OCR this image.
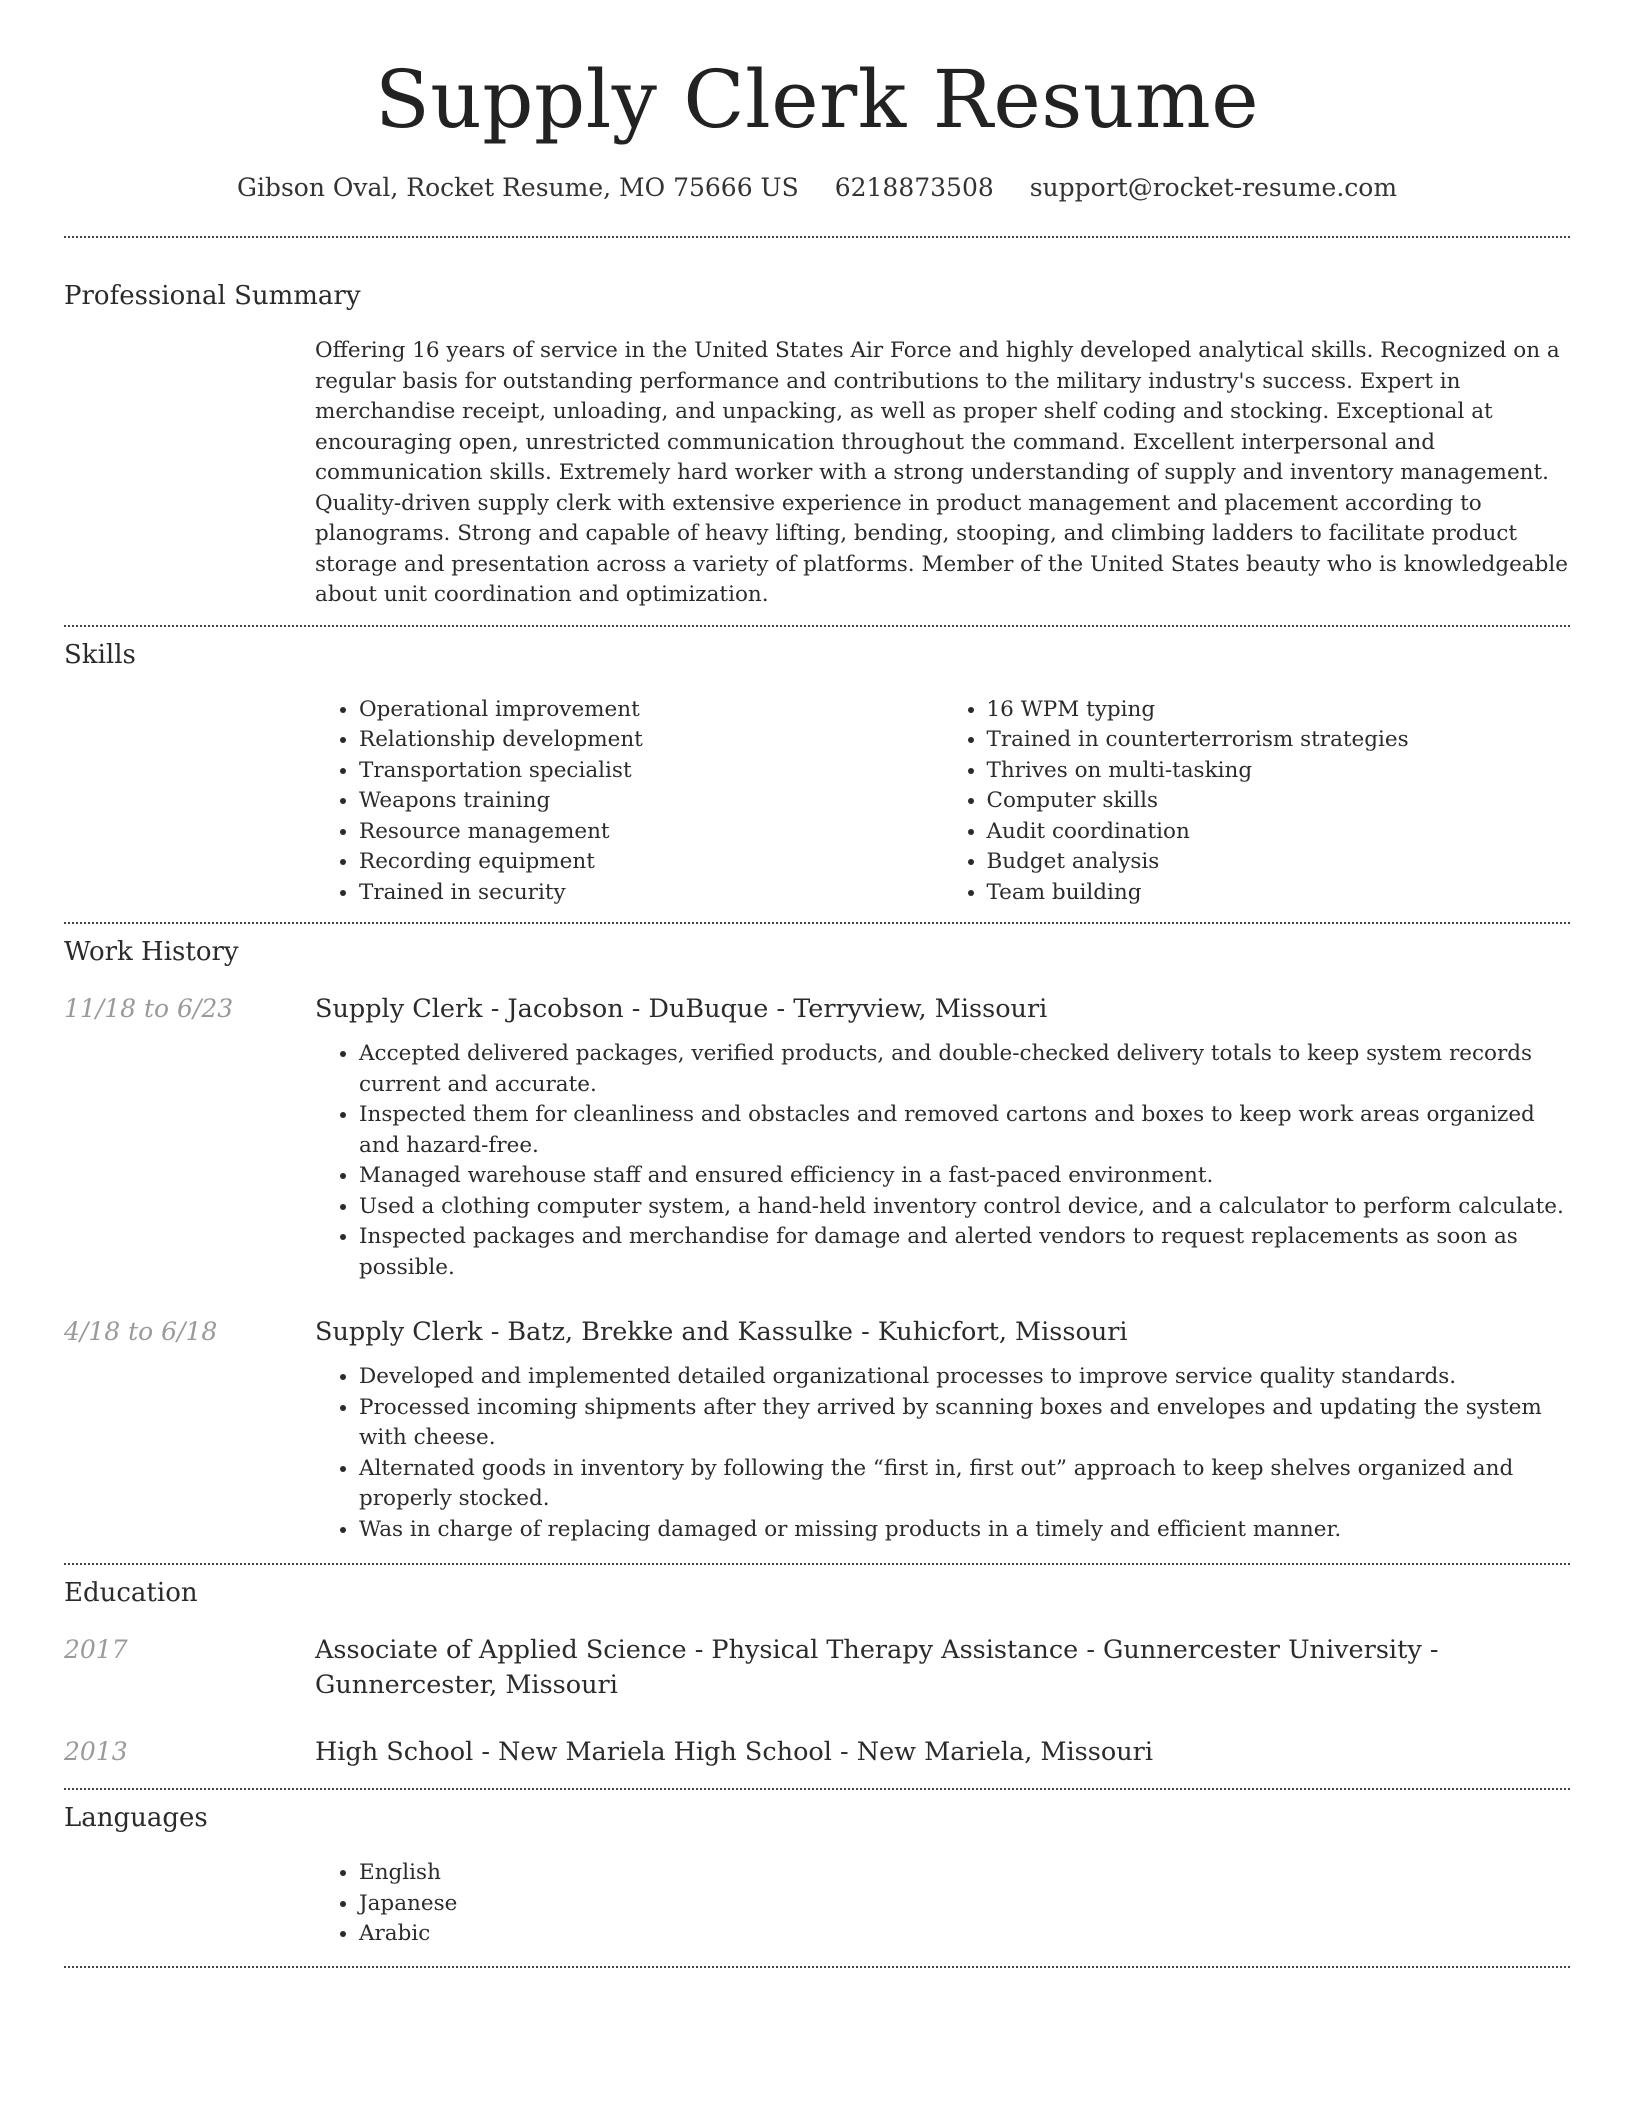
Supply Clerk Resume
Gibson Oval, Rocket Resume, MO 75666 US 6218873508 support@rocket-resume.com
Professional Summary

Offering 16 years of service in the United States Air Force and highly developed analytical skills. Recognized on a regular basis for outstanding performance and contributions to the military industry's success. Expert in merchandise receipt, unloading, and unpacking, as well as proper shelf coding and stocking. Exceptional at encouraging open, unrestricted communication throughout the command. Excellent interpersonal and communication skills. Extremely hard worker with a strong understanding of supply and inventory management. Quality-driven supply clerk with extensive experience in product management and placement according to planograms. Strong and capable of heavy lifting, bending, stooping, and climbing ladders to facilitate product storage and presentation across a variety of platforms. Member of the United States beauty who is knowledgeable about unit coordination and optimization.

Skills
• Operational improvement
• Relationship development
• Transportation specialist
• Weapons training
• Resource management
• Recording equipment
• Trained in security
• 16 WPM typing
• Trained in counterterrorism strategies
• Thrives on multi-tasking
• Computer skills
• Audit coordination
• Budget analysis
• Team building
Work History
11/18 to 6/23	Supply Clerk - Jacobson - DuBuque - Terryview, Missouri
• Accepted delivered packages, verified products, and double-checked delivery totals to keep system records current and accurate.
• Inspected them for cleanliness and obstacles and removed cartons and boxes to keep work areas organized and hazard-free.
• Managed warehouse staff and ensured efficiency in a fast-paced environment.
• Used a clothing computer system, a hand-held inventory control device, and a calculator to perform calculate.
• Inspected packages and merchandise for damage and alerted vendors to request replacements as soon as possible.
4/18 to 6/18	Supply Clerk - Batz, Brekke and Kassulke - Kuhicfort, Missouri
• Developed and implemented detailed organizational processes to improve service quality standards.
• Processed incoming shipments after they arrived by scanning boxes and envelopes and updating the system with cheese.
• Alternated goods in inventory by following the “first in, first out” approach to keep shelves organized and properly stocked.
• Was in charge of replacing damaged or missing products in a timely and efficient manner.
Education
2017	Associate of Applied Science - Physical Therapy Assistance - Gunnercester University - Gunnercester, Missouri
2013	High School - New Mariela High School - New Mariela, Missouri
Languages
• English
• Japanese
• Arabic
